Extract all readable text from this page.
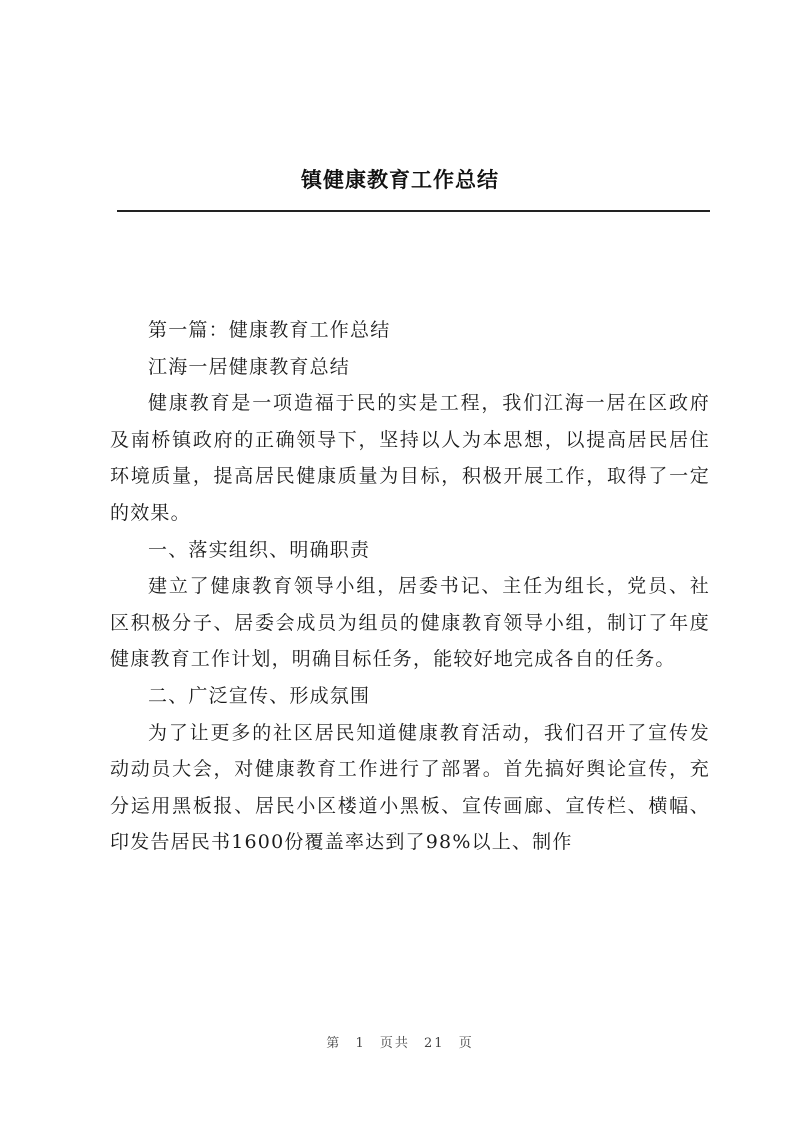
镇健康教育工作总结

第一篇：健康教育工作总结

江海一居健康教育总结

健康教育是一项造福于民的实是工程，我们江海一居在区政府及南桥镇政府的正确领导下，坚持以人为本思想，以提高居民居住环境质量，提高居民健康质量为目标，积极开展工作，取得了一定的效果。

一、落实组织、明确职责

建立了健康教育领导小组，居委书记、主任为组长，党员、社区积极分子、居委会成员为组员的健康教育领导小组，制订了年度健康教育工作计划，明确目标任务，能较好地完成各自的任务。

二、广泛宣传、形成氛围

为了让更多的社区居民知道健康教育活动，我们召开了宣传发动动员大会，对健康教育工作进行了部署。首先搞好舆论宣传，充分运用黑板报、居民小区楼道小黑板、宣传画廊、宣传栏、横幅、印发告居民书1600份覆盖率达到了98%以上、制作

第 1 页共 21 页
